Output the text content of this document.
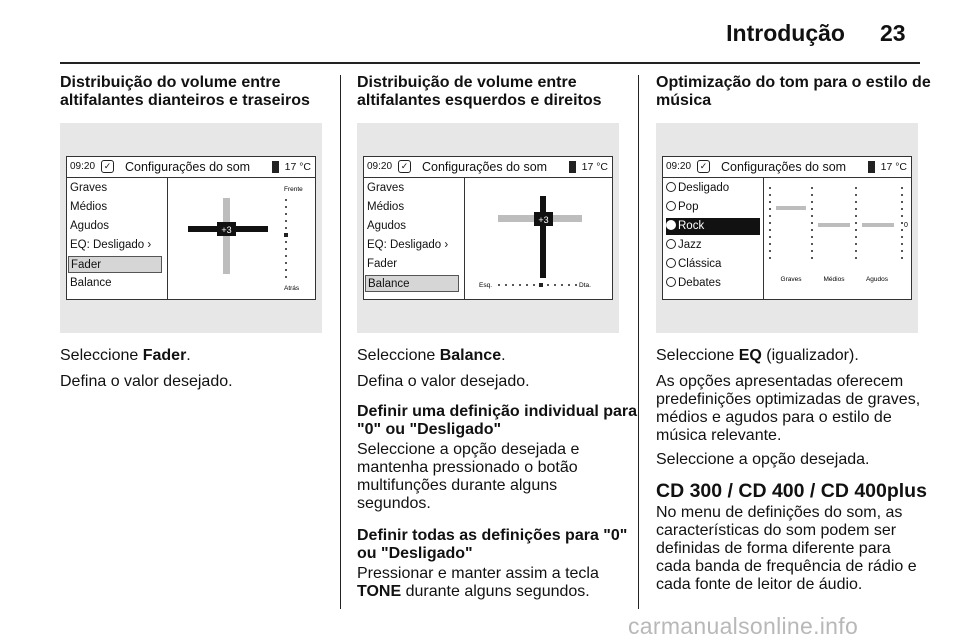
Introdução 23
Distribuição do volume entre
altifalantes dianteiros e traseiros
09:20 ✓ Configurações do som	17 °C
Graves
Médios
Agudos
EQ: Desligado ›
Fader
Balance
+3
Frente
Atrás

Seleccione Fader.

Defina o valor desejado.

Distribuição de volume entre
altifalantes esquerdos e direitos
09:20 ✓ Configurações do som	17 °C
Graves
Médios
Agudos
EQ: Desligado ›
Fader
Balance
+3
Esq.	Dta.

Seleccione Balance.

Defina o valor desejado.

Definir uma definição individual para
"0" ou "Desligado"

Seleccione a opção desejada e

mantenha pressionado o botão

multifunções durante alguns

segundos.

Definir todas as definições para "0"
ou "Desligado"

Pressionar e manter assim a tecla

TONE durante alguns segundos.

Optimização do tom para o estilo de
música
09:20 ✓ Configurações do som	17 °C
Desligado
Pop
Rock
Jazz
Clássica
Debates
0
Graves	Médios	Agudos

Seleccione EQ (igualizador).

As opções apresentadas oferecem

predefinições optimizadas de graves,

médios e agudos para o estilo de

música relevante.

Seleccione a opção desejada.

CD 300 / CD 400 / CD 400plus

No menu de definições do som, as

características do som podem ser

definidas de forma diferente para

cada banda de frequência de rádio e

cada fonte de leitor de áudio.

carmanualsonline.info
